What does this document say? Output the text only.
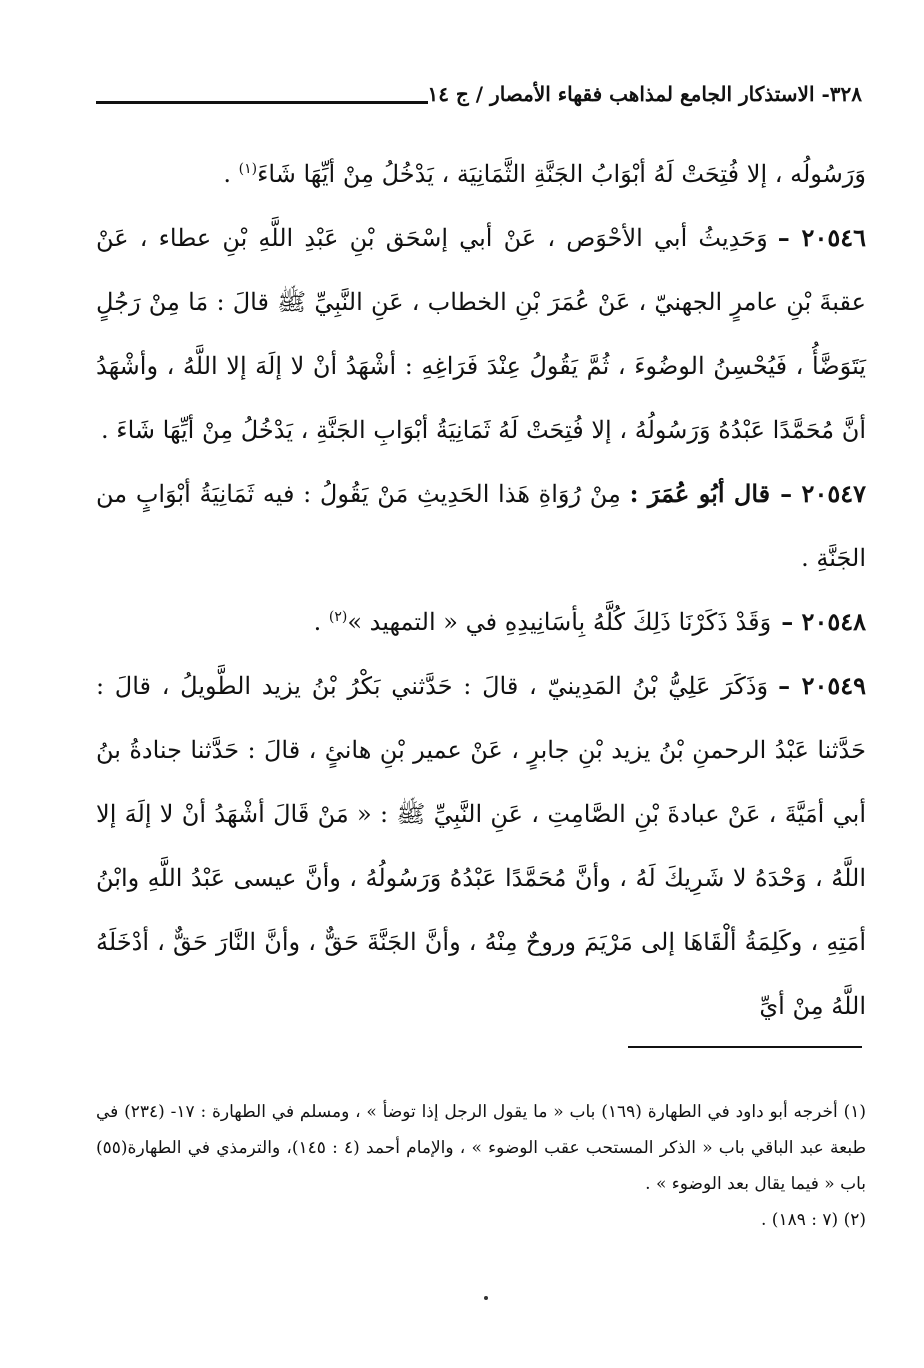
٣٢٨- الاستذكار الجامع لمذاهب فقهاء الأمصار / ج ١٤

وَرَسُولُه ، إلا فُتِحَتْ لَهُ أبْوَابُ الجَنَّةِ الثَّمَانِيَة ، يَدْخُلُ مِنْ أيِّهَا شَاءَ$^{(١)}$ .

٢٠٥٤٦ –وَحَدِيثُ أبي الأحْوَص ، عَنْ أبي إسْحَق بْنِ عَبْدِ اللَّهِ بْنِ عطاء ، عَنْ عقبةَ بْنِ عامرٍ الجهنيّ ، عَنْ عُمَرَ بْنِ الخطاب ، عَنِ النَّبِيِّ ﷺ قالَ : مَا مِنْ رَجُلٍ يَتَوَضَّأُ ، فَيُحْسِنُ الوضُوءَ ، ثُمَّ يَقُولُ عِنْدَ فَرَاغِهِ : أشْهَدُ أنْ لا إلَهَ إلا اللَّهُ ، وأشْهَدُ أنَّ مُحَمَّدًا عَبْدُهُ وَرَسُولُهُ ، إلا فُتِحَتْ لَهُ ثَمَانِيَةُ أبْوَابِ الجَنَّةِ ، يَدْخُلُ مِنْ أيِّهَا شَاءَ .

٢٠٥٤٧ –قال أبُو عُمَرَ : مِنْ رُوَاةِ هَذا الحَدِيثِ مَنْ يَقُولُ : فيه ثَمَانِيَةُ أبْوَابٍ من الجَنَّةِ .

٢٠٥٤٨ –وَقَدْ ذَكَرْنَا ذَلِكَ كُلَّهُ بِأسَانِيدِهِ في « التمهيد »$^{(٢)}$ .

٢٠٥٤٩ –وَذَكَرَ عَلِيُّ بْنُ المَدِينيّ ، قالَ : حَدَّثني بَكْرُ بْنُ يزيد الطَّويلُ ، قالَ : حَدَّثنا عَبْدُ الرحمنِ بْنُ يزيد بْنِ جابرٍ ، عَنْ عمير بْنِ هانئٍ ، قالَ : حَدَّثنا جنادةُ بنُ أبي أمَيَّةَ ، عَنْ عبادةَ بْنِ الصَّامِتِ ، عَنِ النَّبِيِّ ﷺ : « مَنْ قَالَ أشْهَدُ أنْ لا إلَهَ إلا اللَّهُ ، وَحْدَهُ لا شَرِيكَ لَهُ ، وأنَّ مُحَمَّدًا عَبْدُهُ وَرَسُولُهُ ، وأنَّ عيسى عَبْدُ اللَّهِ وابْنُ أمَتِهِ ، وكَلِمَةُ ألْقَاهَا إلى مَرْيَمَ وروحٌ مِنْهُ ، وأنَّ الجَنَّةَ حَقٌّ ، وأنَّ النَّارَ حَقٌّ ، أدْخَلَهُ اللَّهُ مِنْ أيِّ

(١) أخرجه أبو داود في الطهارة (١٦٩) باب « ما يقول الرجل إذا توضأ » ، ومسلم في الطهارة : ١٧- (٢٣٤) في طبعة عبد الباقي باب « الذكر المستحب عقب الوضوء » ، والإمام أحمد (٤ : ١٤٥)، والترمذي في الطهارة(٥٥) باب « فيما يقال بعد الوضوء » .

(٢) (٧ : ١٨٩) .
